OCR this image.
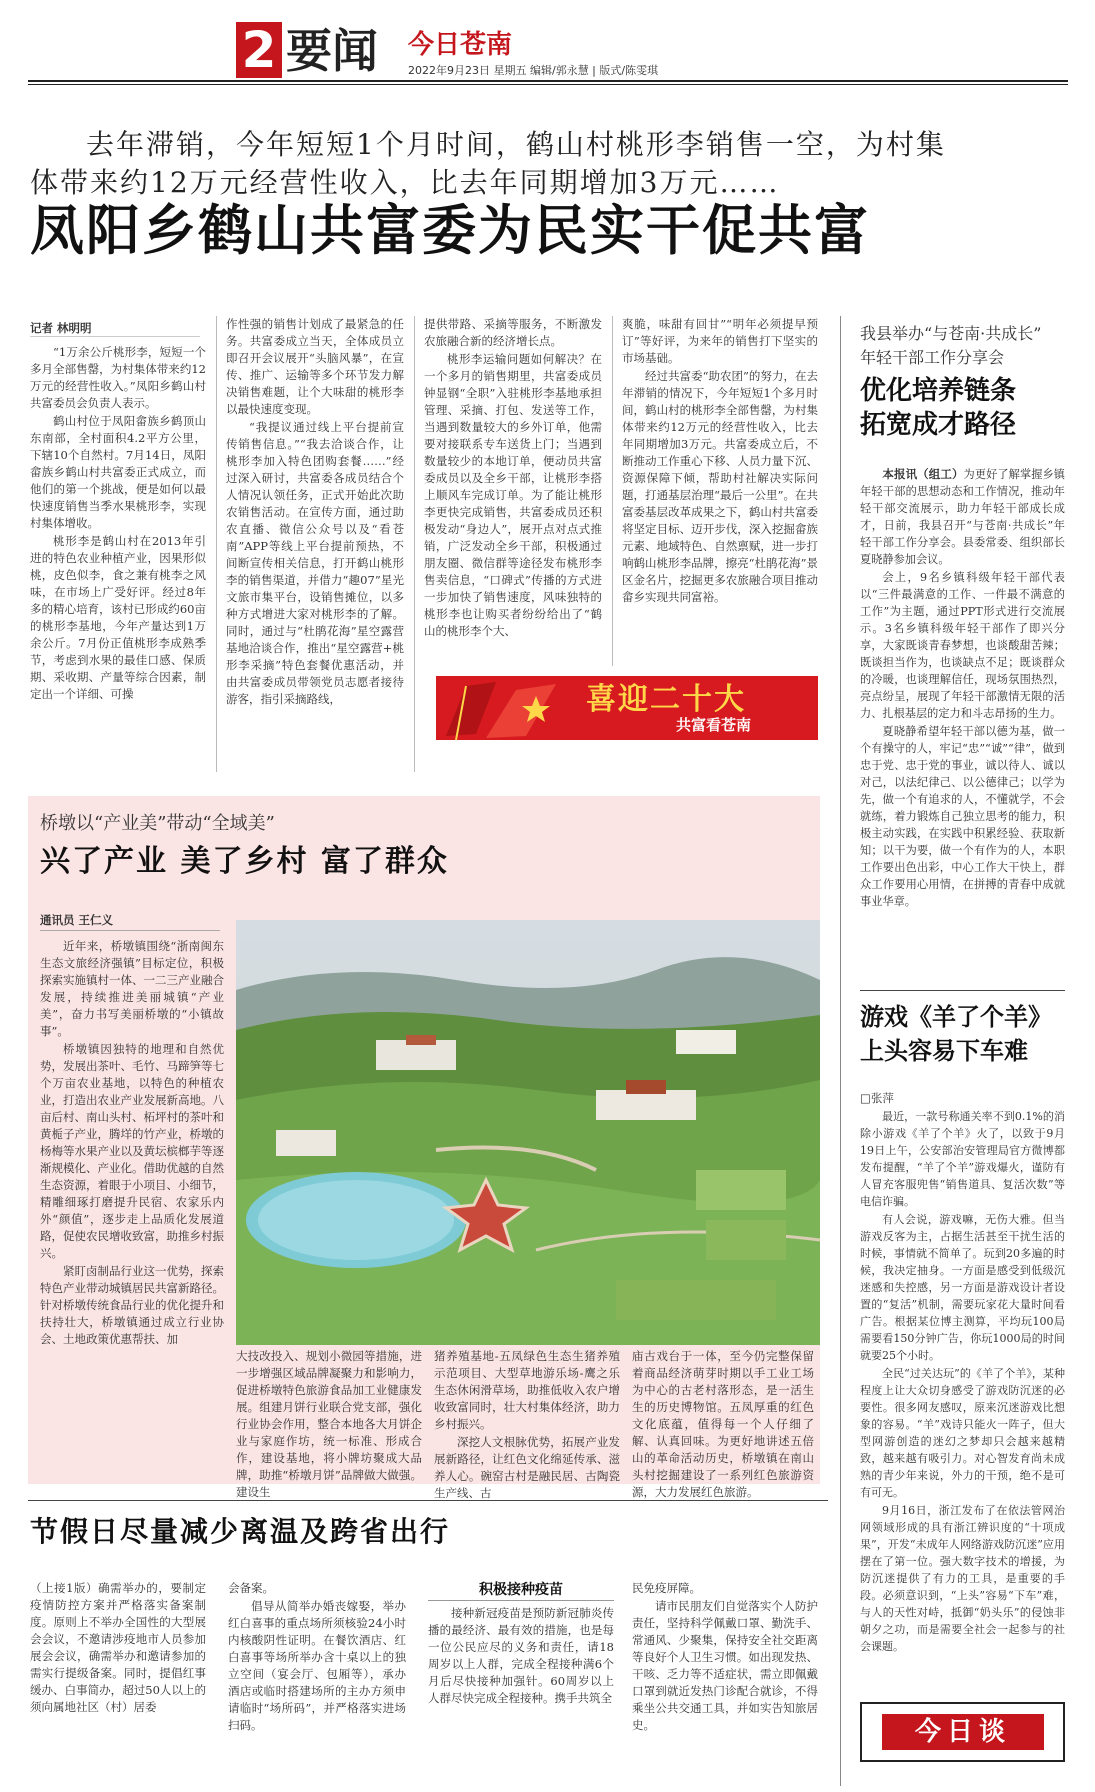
2 要闻 今日苍南
2022年9月23日 星期五 编辑/郭永慧 | 版式/陈雯琪
去年滞销，今年短短1个月时间，鹤山村桃形李销售一空，为村集
体带来约12万元经营性收入，比去年同期增加3万元……
凤阳乡鹤山共富委为民实干促共富
记者 林明明

“1万余公斤桃形李，短短一个多月全部售罄，为村集体带来约12万元的经营性收入。”凤阳乡鹤山村共富委员会负责人表示。

鹤山村位于凤阳畲族乡鹤顶山东南部，全村面积4.2平方公里，下辖10个自然村。7月14日，凤阳畲族乡鹤山村共富委正式成立，而他们的第一个挑战，便是如何以最快速度销售当季水果桃形李，实现村集体增收。

桃形李是鹤山村在2013年引进的特色农业种植产业，因果形似桃，皮色似李，食之兼有桃李之风味，在市场上广受好评。经过8年多的精心培育，该村已形成约60亩的桃形李基地，今年产量达到1万余公斤。7月份正值桃形李成熟季节，考虑到水果的最佳口感、保质期、采收期、产量等综合因素，制定出一个详细、可操

作性强的销售计划成了最紧急的任务。共富委成立当天，全体成员立即召开会议展开“头脑风暴”，在宣传、推广、运输等多个环节发力解决销售难题，让个大味甜的桃形李以最快速度变现。

“我提议通过线上平台提前宣传销售信息。”“我去洽谈合作，让桃形李加入特色团购套餐……”经过深入研讨，共富委各成员结合个人情况认领任务，正式开始此次助农销售活动。在宣传方面，通过助农直播、微信公众号以及“看苍南”APP等线上平台提前预热，不间断宣传相关信息，打开鹤山桃形李的销售渠道，并借力“趣07”星光文旅市集平台，设销售摊位，以多种方式增进大家对桃形李的了解。同时，通过与“杜鹃花海”星空露营基地洽谈合作，推出“星空露营+桃形李采摘”特色套餐优惠活动，并由共富委成员带领党员志愿者接待游客，指引采摘路线，

提供带路、采摘等服务，不断激发农旅融合新的经济增长点。

桃形李运输问题如何解决？在一个多月的销售期里，共富委成员钟显钢“全职”入驻桃形李基地承担管理、采摘、打包、发送等工作，当遇到数量较大的乡外订单，他需要对接联系专车送货上门；当遇到数量较少的本地订单，便动员共富委成员以及全乡干部，让桃形李搭上顺风车完成订单。为了能让桃形李更快完成销售，共富委成员还积极发动“身边人”，展开点对点式推销，广泛发动全乡干部，积极通过朋友圈、微信群等途径发布桃形李售卖信息，“口碑式”传播的方式进一步加快了销售速度，风味独特的桃形李也让购买者纷纷给出了“鹤山的桃形李个大、

爽脆，味甜有回甘”“明年必须提早预订”等好评，为来年的销售打下坚实的市场基础。

经过共富委“助农团”的努力，在去年滞销的情况下，今年短短1个多月时间，鹤山村的桃形李全部售罄，为村集体带来约12万元的经营性收入，比去年同期增加3万元。共富委成立后，不断推动工作重心下移、人员力量下沉、资源保障下倾，帮助村社解决实际问题，打通基层治理“最后一公里”。在共富委基层改革成果之下，鹤山村共富委将坚定目标、迈开步伐，深入挖掘畲族元素、地域特色、自然禀赋，进一步打响鹤山桃形李品牌，擦亮“杜鹃花海”景区金名片，挖掘更多农旅融合项目推动畲乡实现共同富裕。

喜迎二十大
共富看苍南
我县举办“与苍南·共成长”
年轻干部工作分享会
优化培养链条
拓宽成才路径

本报讯（组工）为更好了解掌握乡镇年轻干部的思想动态和工作情况，推动年轻干部交流展示，助力年轻干部成长成才，日前，我县召开“与苍南·共成长”年轻干部工作分享会。县委常委、组织部长夏晓静参加会议。

会上，9名乡镇科级年轻干部代表以“三件最满意的工作、一件最不满意的工作”为主题，通过PPT形式进行交流展示。3名乡镇科级年轻干部作了即兴分享，大家既谈青春梦想，也谈酸甜苦辣；既谈担当作为，也谈缺点不足；既谈群众的冷暖，也谈理解信任，现场氛围热烈，亮点纷呈，展现了年轻干部激情无限的活力、扎根基层的定力和斗志昂扬的生力。

夏晓静希望年轻干部以德为基，做一个有操守的人，牢记“忠”“诚”“律”，做到忠于党、忠于党的事业，诚以待人、诚以对己，以法纪律己、以公德律己；以学为先，做一个有追求的人，不懂就学，不会就练，着力锻炼自己独立思考的能力，积极主动实践，在实践中积累经验、获取新知；以干为要，做一个有作为的人，本职工作要出色出彩，中心工作大干快上，群众工作要用心用情，在拼搏的青春中成就事业华章。

桥墩以“产业美”带动“全域美”
兴了产业 美了乡村 富了群众
通讯员 王仁义

近年来，桥墩镇围绕“浙南闽东生态文旅经济强镇”目标定位，积极探索实施镇村一体、一二三产业融合发展，持续推进美丽城镇“产业美”，奋力书写美丽桥墩的“小镇故事”。

桥墩镇因独特的地理和自然优势，发展出茶叶、毛竹、马蹄笋等七个万亩农业基地，以特色的种植农业，打造出农业产业发展新高地。八亩后村、南山头村、柘坪村的茶叶和黄栀子产业，腾垟的竹产业，桥墩的杨梅等水果产业以及黄坛槟榔芋等逐渐规模化、产业化。借助优越的自然生态资源，着眼于小项目、小细节，精雕细琢打磨提升民宿、农家乐内外“颜值”，逐步走上品质化发展道路，促使农民增收致富，助推乡村振兴。

紧盯卤制品行业这一优势，探索特色产业带动城镇居民共富新路径。针对桥墩传统食品行业的优化提升和扶持壮大，桥墩镇通过成立行业协会、土地政策优惠帮扶、加

大技改投入、规划小微园等措施，进一步增强区域品牌凝聚力和影响力，促进桥墩特色旅游食品加工业健康发展。组建月饼行业联合党支部，强化行业协会作用，整合本地各大月饼企业与家庭作坊，统一标准、形成合作，建设基地，将小牌坊聚成大品牌，助推“桥墩月饼”品牌做大做强。建设生

猪养殖基地-五凤绿色生态生猪养殖示范项目、大型草地游乐场-鹰之乐生态休闲滑草场，助推低收入农户增收致富同时，壮大村集体经济，助力乡村振兴。

深挖人文根脉优势，拓展产业发展新路径，让红色文化绵延传承、滋养人心。碗窑古村是融民居、古陶瓷生产线、古

庙古戏台于一体，至今仍完整保留着商品经济萌芽时期以手工业工场为中心的古老村落形态，是一活生生的历史博物馆。五凤厚重的红色文化底蕴，值得每一个人仔细了解、认真回味。为更好地讲述五倍山的革命活动历史，桥墩镇在南山头村挖掘建设了一系列红色旅游资源，大力发展红色旅游。

游戏《羊了个羊》
上头容易下车难
□张萍

最近，一款号称通关率不到0.1%的消除小游戏《羊了个羊》火了，以致于9月19日上午，公安部治安管理局官方微博都发布提醒，“羊了个羊”游戏爆火，谨防有人冒充客服兜售“销售道具、复活次数”等电信诈骗。

有人会说，游戏嘛，无伤大雅。但当游戏反客为主，占据生活甚至干扰生活的时候，事情就不简单了。玩到20多遍的时候，我决定抽身。一方面是感受到低级沉迷感和失控感，另一方面是游戏设计者设置的“复活”机制，需要玩家花大量时间看广告。根据某位博主测算，平均玩100局需要看150分钟广告，你玩1000局的时间就要25个小时。

全民“过关达玩”的《羊了个羊》，某种程度上让大众切身感受了游戏防沉迷的必要性。很多网友感叹，原来沉迷游戏比想象的容易。“羊”戏诗只能火一阵子，但大型网游创造的迷幻之梦却只会越来越精致，越来越有吸引力。对心智发育尚未成熟的青少年来说，外力的干预，绝不是可有可无。

9月16日，浙江发布了在依法管网治网领域形成的具有浙江辨识度的“十项成果”，开发“未成年人网络游戏防沉迷”应用摆在了第一位。强大数字技术的增援，为防沉迷提供了有力的工具，是重要的手段。必须意识到，“上头”容易“下车”难，与人的天性对峙，抵御“奶头乐”的侵蚀非朝夕之功，而是需要全社会一起参与的社会课题。

节假日尽量减少离温及跨省出行

（上接1版）确需举办的，要制定疫情防控方案并严格落实备案制度。原则上不举办全国性的大型展会会议，不邀请涉疫地市人员参加展会会议，确需举办和邀请参加的需实行提级备案。同时，提倡红事缓办、白事简办，超过50人以上的须向属地社区（村）居委

会备案。

倡导从简举办婚丧嫁娶，举办红白喜事的重点场所须核验24小时内核酸阴性证明。在餐饮酒店、红白喜事等场所举办含十桌以上的独立空间（宴会厅、包厢等），承办酒店或临时搭建场所的主办方须申请临时“场所码”，并严格落实进场扫码。

积极接种疫苗

接种新冠疫苗是预防新冠肺炎传播的最经济、最有效的措施，也是每一位公民应尽的义务和责任，请18周岁以上人群，完成全程接种满6个月后尽快接种加强针。60周岁以上人群尽快完成全程接种。携手共筑全

民免疫屏障。

请市民朋友们自觉落实个人防护责任，坚持科学佩戴口罩、勤洗手、常通风、少聚集，保持安全社交距离等良好个人卫生习惯。如出现发热、干咳、乏力等不适症状，需立即佩戴口罩到就近发热门诊配合就诊，不得乘坐公共交通工具，并如实告知旅居史。	今日谈
